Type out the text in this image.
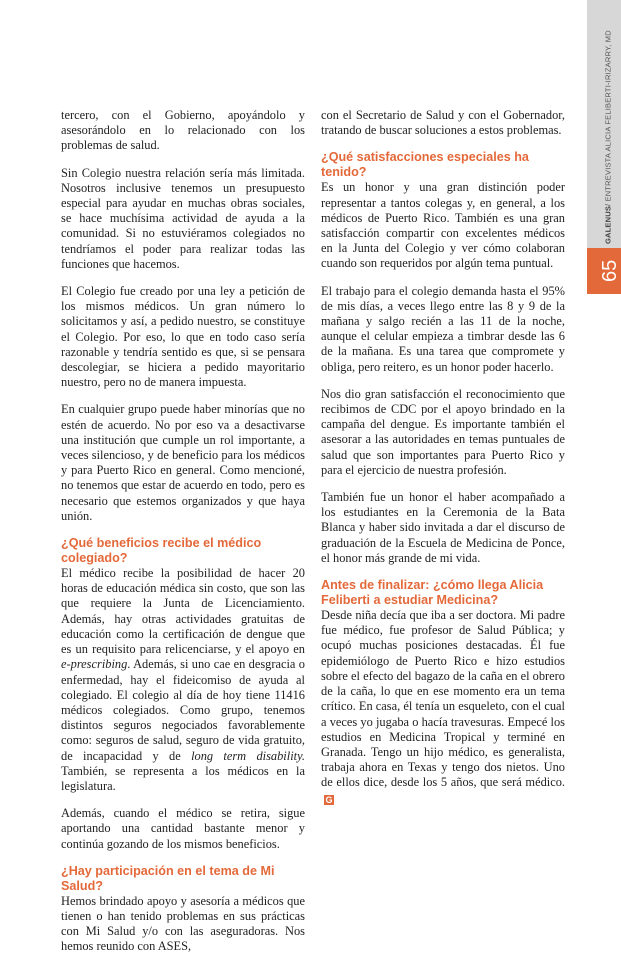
GALENUS
/ ENTREVISTA ALICIA FELIBERTI-IRIZARRY, MD
65

tercero, con el Gobierno, apoyándolo y asesorándolo en lo relacionado con los problemas de salud.

Sin Colegio nuestra relación sería más limitada. Nosotros inclusive tenemos un presupuesto especial para ayudar en muchas obras sociales, se hace muchísima actividad de ayuda a la comunidad. Si no estuviéramos colegiados no tendríamos el poder para realizar todas las funciones que hacemos.

El Colegio fue creado por una ley a petición de los mismos médicos. Un gran número lo solicitamos y así, a pedido nuestro, se constituye el Colegio. Por eso, lo que en todo caso sería razonable y tendría sentido es que, si se pensara descolegiar, se hiciera a pedido mayoritario nuestro, pero no de manera impuesta.

En cualquier grupo puede haber minorías que no estén de acuerdo. No por eso va a desactivarse una institución que cumple un rol importante, a veces silencioso, y de beneficio para los médicos y para Puerto Rico en general. Como mencioné, no tenemos que estar de acuerdo en todo, pero es necesario que estemos organizados y que haya unión.

¿Qué beneficios recibe el médico colegiado?

El médico recibe la posibilidad de hacer 20 horas de educación médica sin costo, que son las que requiere la Junta de Licenciamiento. Además, hay otras actividades gratuitas de educación como la certificación de dengue que es un requisito para relicenciarse, y el apoyo en e-prescribing. Además, si uno cae en desgracia o enfermedad, hay el fideicomiso de ayuda al colegiado. El colegio al día de hoy tiene 11416 médicos colegiados. Como grupo, tenemos distintos seguros negociados favorablemente como: seguros de salud, seguro de vida gratuito, de incapacidad y de long term disability. También, se representa a los médicos en la legislatura.

Además, cuando el médico se retira, sigue aportando una cantidad bastante menor y continúa gozando de los mismos beneficios.

¿Hay participación en el tema de Mi Salud?

Hemos brindado apoyo y asesoría a médicos que tienen o han tenido problemas en sus prácticas con Mi Salud y/o con las aseguradoras. Nos hemos reunido con ASES,

con el Secretario de Salud y con el Gobernador, tratando de buscar soluciones a estos problemas.

¿Qué satisfacciones especiales ha tenido?

Es un honor y una gran distinción poder representar a tantos colegas y, en general, a los médicos de Puerto Rico. También es una gran satisfacción compartir con excelentes médicos en la Junta del Colegio y ver cómo colaboran cuando son requeridos por algún tema puntual.

El trabajo para el colegio demanda hasta el 95% de mis días, a veces llego entre las 8 y 9 de la mañana y salgo recién a las 11 de la noche, aunque el celular empieza a timbrar desde las 6 de la mañana. Es una tarea que compromete y obliga, pero reitero, es un honor poder hacerlo.

Nos dio gran satisfacción el reconocimiento que recibimos de CDC por el apoyo brindado en la campaña del dengue. Es importante también el asesorar a las autoridades en temas puntuales de salud que son importantes para Puerto Rico y para el ejercicio de nuestra profesión.

También fue un honor el haber acompañado a los estudiantes en la Ceremonia de la Bata Blanca y haber sido invitada a dar el discurso de graduación de la Escuela de Medicina de Ponce, el honor más grande de mi vida.

Antes de finalizar: ¿cómo llega Alicia Feliberti a estudiar Medicina?

Desde niña decía que iba a ser doctora. Mi padre fue médico, fue profesor de Salud Pública; y ocupó muchas posiciones destacadas. Él fue epidemiólogo de Puerto Rico e hizo estudios sobre el efecto del bagazo de la caña en el obrero de la caña, lo que en ese momento era un tema crítico. En casa, él tenía un esqueleto, con el cual a veces yo jugaba o hacía travesuras. Empecé los estudios en Medicina Tropical y terminé en Granada. Tengo un hijo médico, es generalista, trabaja ahora en Texas y tengo dos nietos. Uno de ellos dice, desde los 5 años, que será médico.G
